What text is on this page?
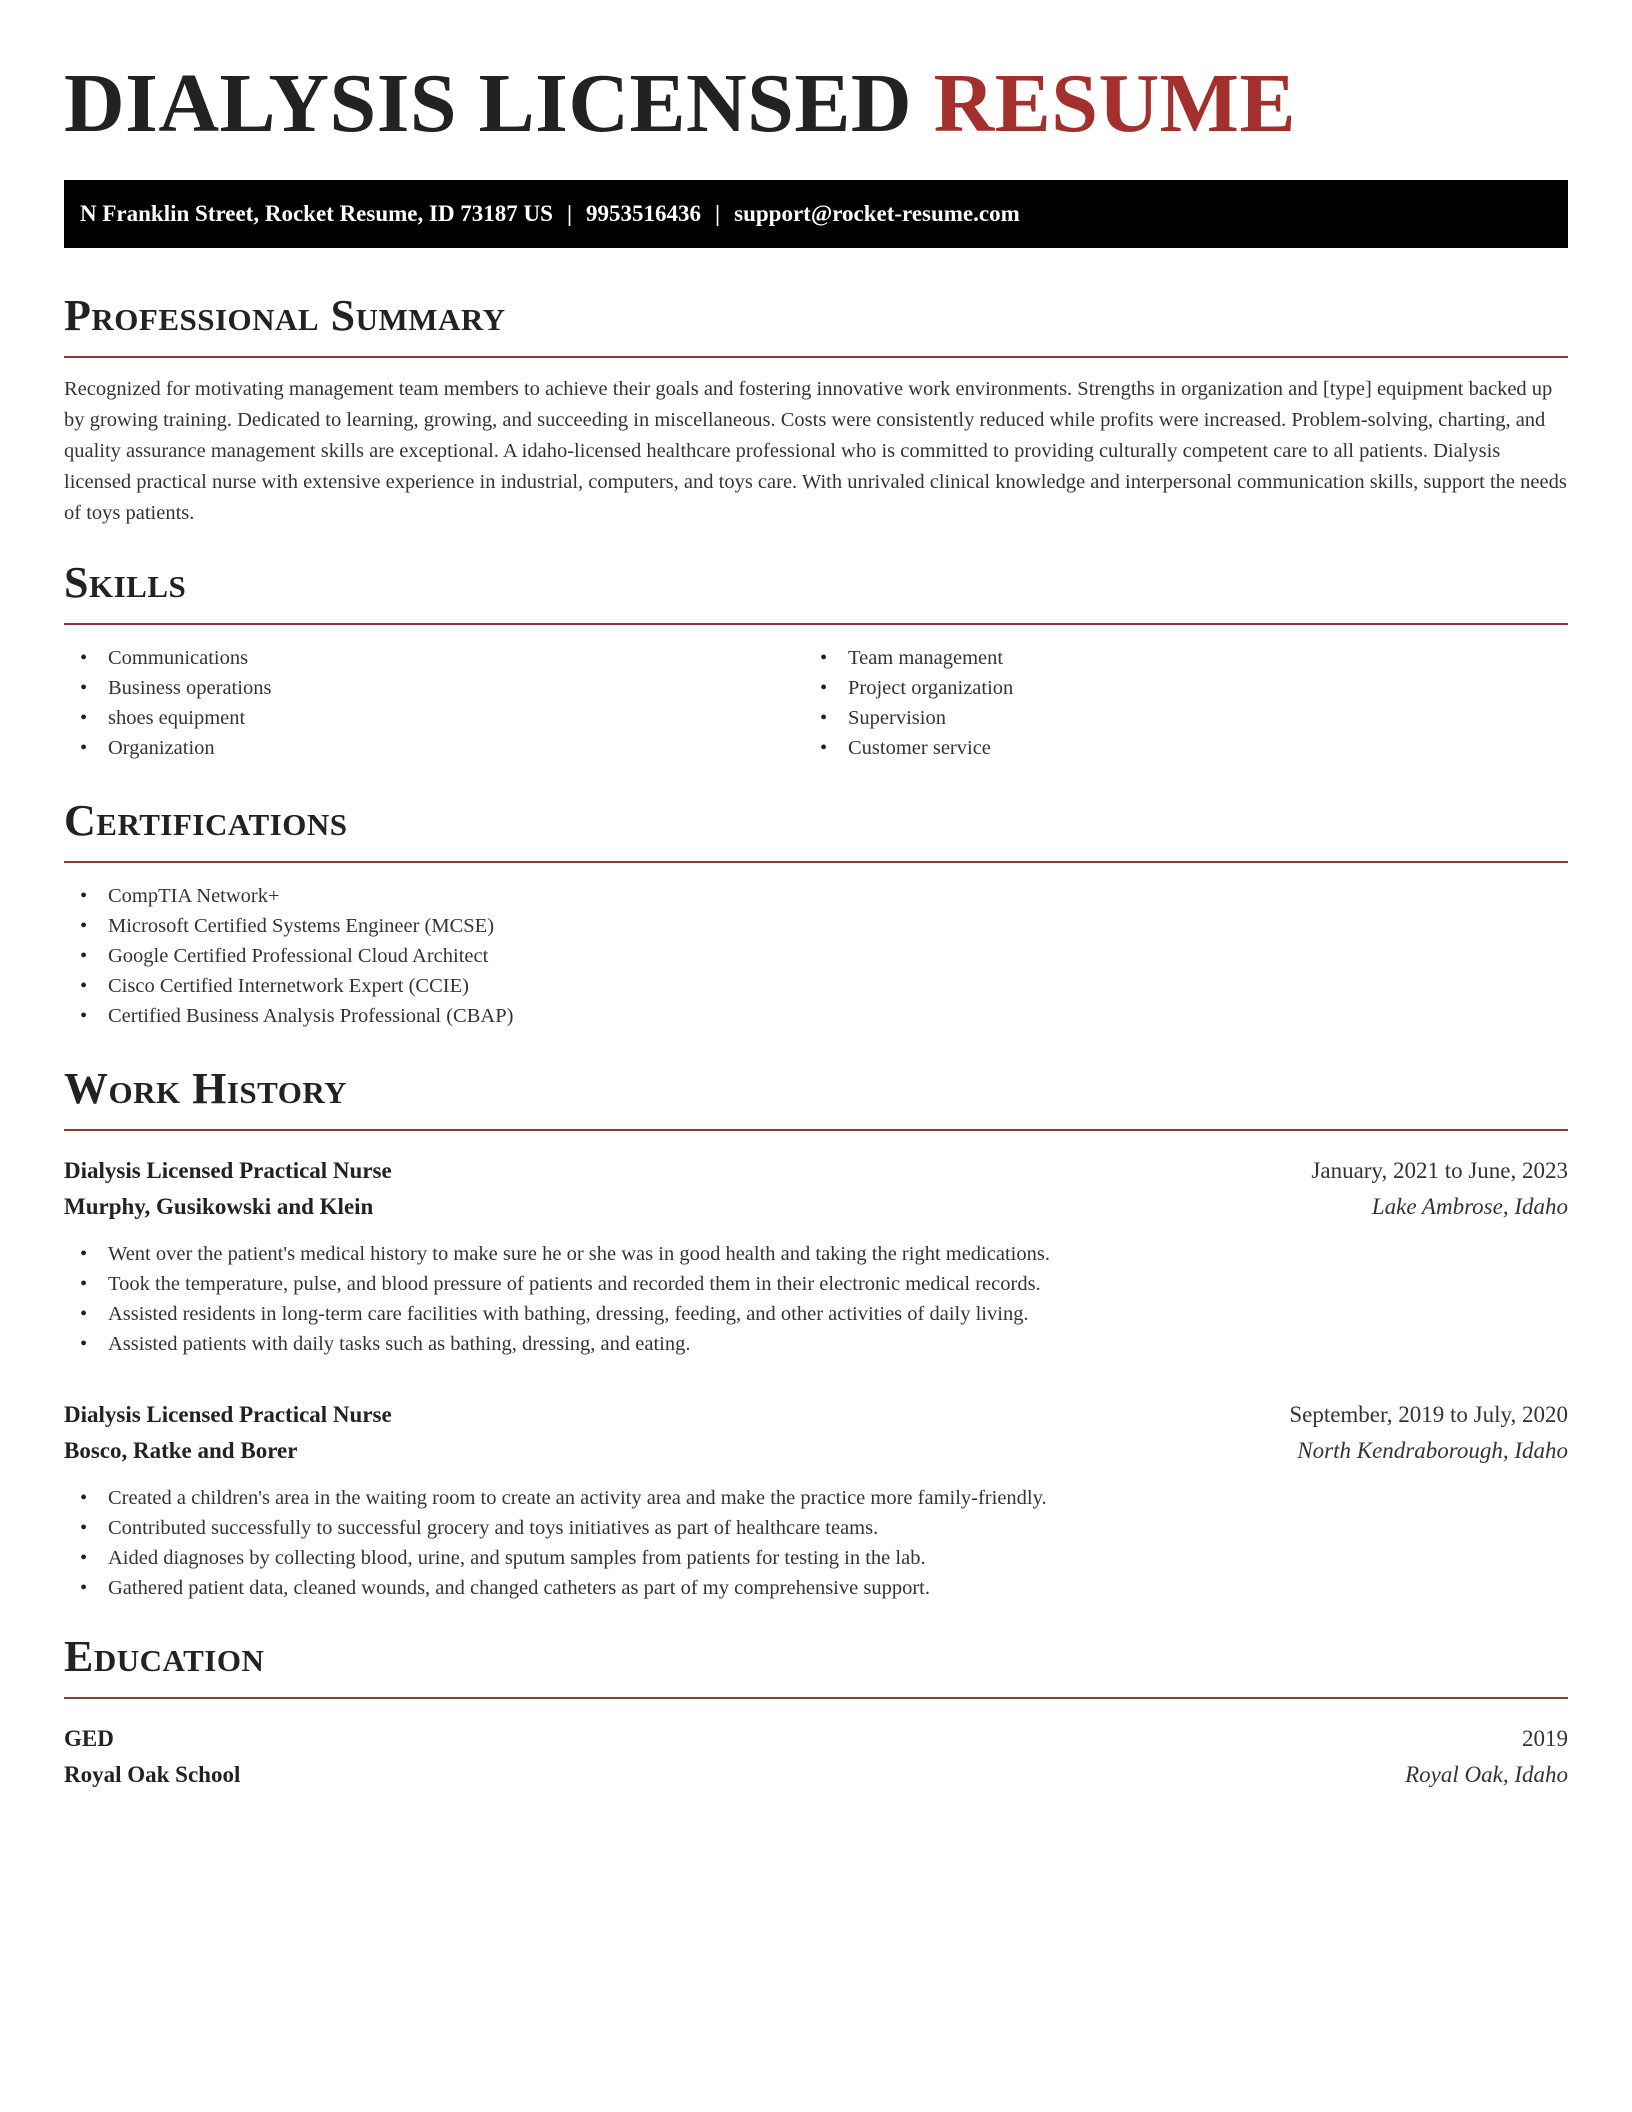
DIALYSIS LICENSED RESUME
N Franklin Street, Rocket Resume, ID 73187 US | 9953516436 | support@rocket-resume.com
Professional Summary

Recognized for motivating management team members to achieve their goals and fostering innovative work environments. Strengths in organization and [type] equipment backed up by growing training. Dedicated to learning, growing, and succeeding in miscellaneous. Costs were consistently reduced while profits were increased. Problem-solving, charting, and quality assurance management skills are exceptional. A idaho-licensed healthcare professional who is committed to providing culturally competent care to all patients. Dialysis licensed practical nurse with extensive experience in industrial, computers, and toys care. With unrivaled clinical knowledge and interpersonal communication skills, support the needs of toys patients.

Skills
• Communications
• Business operations
• shoes equipment
• Organization
• Team management
• Project organization
• Supervision
• Customer service
Certifications
• CompTIA Network+
• Microsoft Certified Systems Engineer (MCSE)
• Google Certified Professional Cloud Architect
• Cisco Certified Internetwork Expert (CCIE)
• Certified Business Analysis Professional (CBAP)
Work History
Dialysis Licensed Practical Nurse	January, 2021 to June, 2023
Murphy, Gusikowski and Klein	Lake Ambrose, Idaho
• Went over the patient's medical history to make sure he or she was in good health and taking the right medications.
• Took the temperature, pulse, and blood pressure of patients and recorded them in their electronic medical records.
• Assisted residents in long-term care facilities with bathing, dressing, feeding, and other activities of daily living.
• Assisted patients with daily tasks such as bathing, dressing, and eating.
Dialysis Licensed Practical Nurse	September, 2019 to July, 2020
Bosco, Ratke and Borer	North Kendraborough, Idaho
• Created a children's area in the waiting room to create an activity area and make the practice more family-friendly.
• Contributed successfully to successful grocery and toys initiatives as part of healthcare teams.
• Aided diagnoses by collecting blood, urine, and sputum samples from patients for testing in the lab.
• Gathered patient data, cleaned wounds, and changed catheters as part of my comprehensive support.
Education
GED	2019
Royal Oak School	Royal Oak, Idaho
